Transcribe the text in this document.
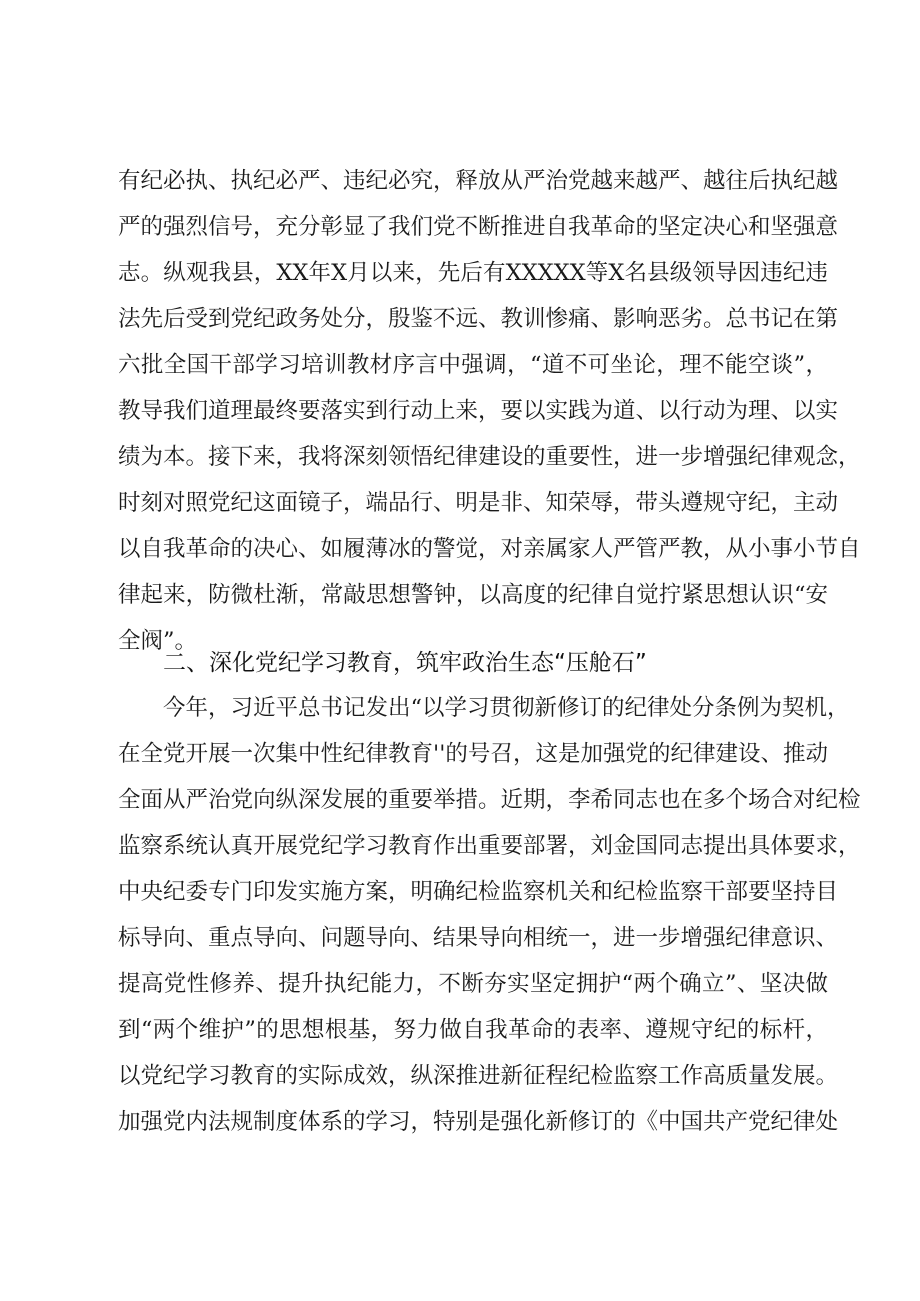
有纪必执、执纪必严、违纪必究，释放从严治党越来越严、越往后执纪越
严的强烈信号，充分彰显了我们党不断推进自我革命的坚定决心和坚强意
志。纵观我县，XX年X月以来，先后有XXXXX等X名县级领导因违纪违
法先后受到党纪政务处分，殷鉴不远、教训惨痛、影响恶劣。总书记在第
六批全国干部学习培训教材序言中强调，“道不可坐论，理不能空谈”，
教导我们道理最终要落实到行动上来，要以实践为道、以行动为理、以实
绩为本。接下来，我将深刻领悟纪律建设的重要性，进一步增强纪律观念，
时刻对照党纪这面镜子，端品行、明是非、知荣辱，带头遵规守纪，主动
以自我革命的决心、如履薄冰的警觉，对亲属家人严管严教，从小事小节自
律起来，防微杜渐，常敲思想警钟，以高度的纪律自觉拧紧思想认识“安
全阀”。
二、深化党纪学习教育，筑牢政治生态“压舱石”
今年，习近平总书记发出“以学习贯彻新修订的纪律处分条例为契机，
在全党开展一次集中性纪律教育''的号召，这是加强党的纪律建设、推动
全面从严治党向纵深发展的重要举措。近期，李希同志也在多个场合对纪检
监察系统认真开展党纪学习教育作出重要部署，刘金国同志提出具体要求，
中央纪委专门印发实施方案，明确纪检监察机关和纪检监察干部要坚持目
标导向、重点导向、问题导向、结果导向相统一，进一步增强纪律意识、
提高党性修养、提升执纪能力，不断夯实坚定拥护“两个确立”、坚决做
到“两个维护”的思想根基，努力做自我革命的表率、遵规守纪的标杆，
以党纪学习教育的实际成效，纵深推进新征程纪检监察工作高质量发展。
加强党内法规制度体系的学习，特别是强化新修订的《中国共产党纪律处
